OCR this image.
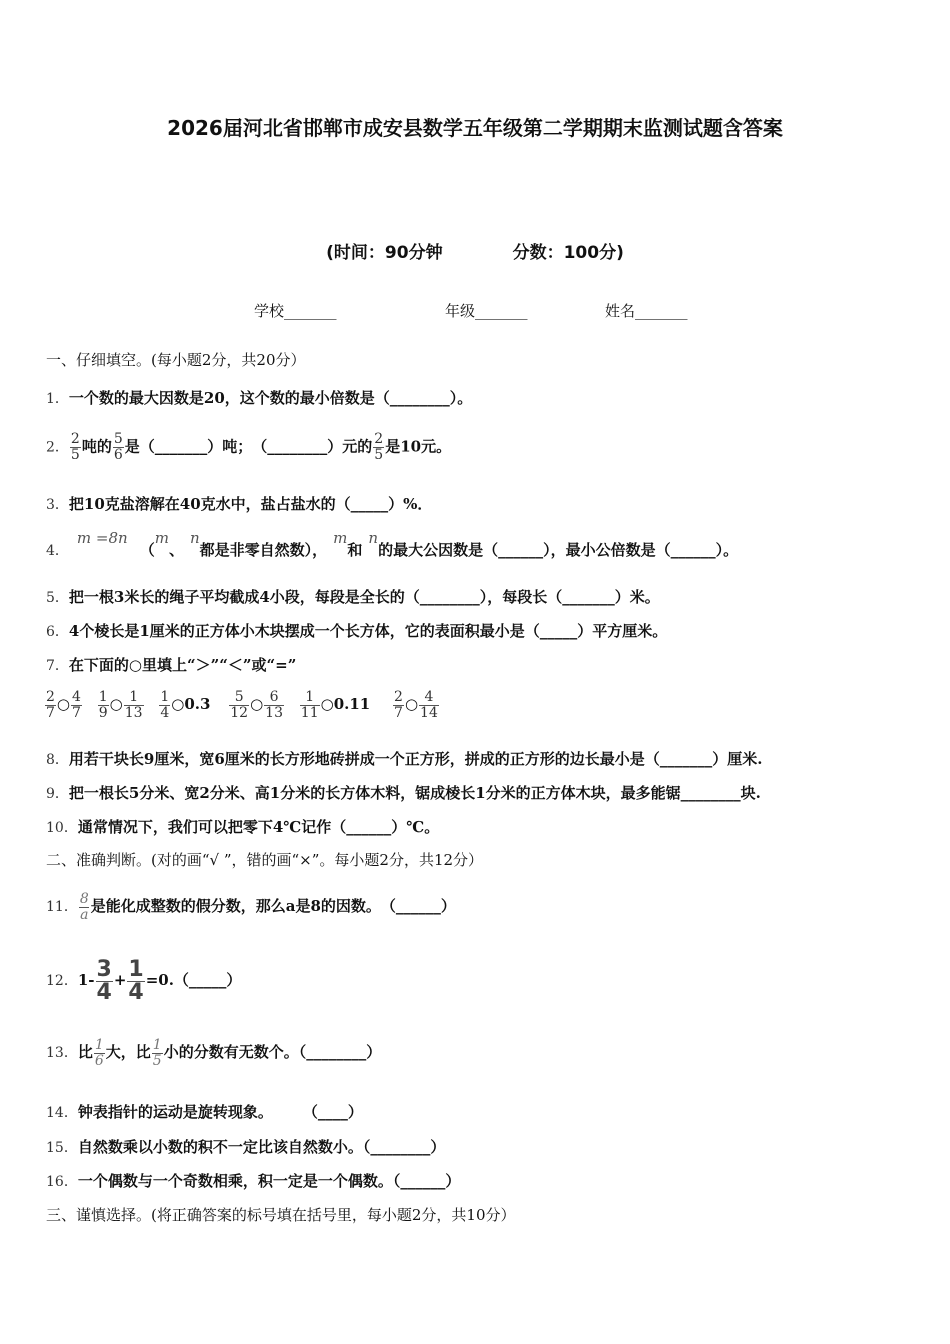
2026届河北省邯郸市成安县数学五年级第二学期期末监测试题含答案
(时间：90分钟	分数：100分)
学校_______	年级_______	姓名_______
一、仔细填空。(每小题2分，共20分）
1．一个数的最大因数是20，这个数的最小倍数是（________）。
2． $\frac{2}{5}$ 吨的 $\frac{5}{6}$ 是（_______）吨；　（________）元的 $\frac{2}{5}$ 是10元。
3．把10克盐溶解在40克水中，盐占盐水的（_____）%．
4．m =8n（m、n都是非零自然数），m和n的最大公因数是（______），最小公倍数是（______）。
5．把一根3米长的绳子平均截成4小段，每段是全长的（________），每段长（_______）米。
6．4个棱长是1厘米的正方体小木块摆成一个长方体，它的表面积最小是（_____）平方厘米。
7．在下面的○里填上“＞”“＜”或“=”
$\frac{2}{7}$ ○ $\frac{4}{7}$
$\frac{1}{9}$ ○ $\frac{1}{13}$
$\frac{1}{4}$ ○0.3 $\frac{5}{12}$ ○ $\frac{6}{13}$
$\frac{1}{11}$ ○0.11 $\frac{2}{7}$ ○ $\frac{4}{14}$
8．用若干块长9厘米，宽6厘米的长方形地砖拼成一个正方形，拼成的正方形的边长最小是（_______）厘米.
9．把一根长5分米、宽2分米、高1分米的长方体木料，锯成棱长1分米的正方体木块，最多能锯________块.
10．通常情况下，我们可以把零下4℃记作（______）℃。
二、准确判断。(对的画“√ ”，错的画“×”。每小题2分，共12分）
11． $\frac{8}{a}$ 是能化成整数的假分数，那么a是8的因数。　（______）
12．$1- \frac{3}{4} + \frac{1}{4}$ =0.（_____）
13．比 $\frac{1}{6}$ 大，比 $\frac{1}{5}$ 小的分数有无数个。（________）
14．钟表指针的运动是旋转现象。　　　（____）
15．自然数乘以小数的积不一定比该自然数小。（________）
16．一个偶数与一个奇数相乘，积一定是一个偶数。（______）
三、谨慎选择。(将正确答案的标号填在括号里，每小题2分，共10分）
